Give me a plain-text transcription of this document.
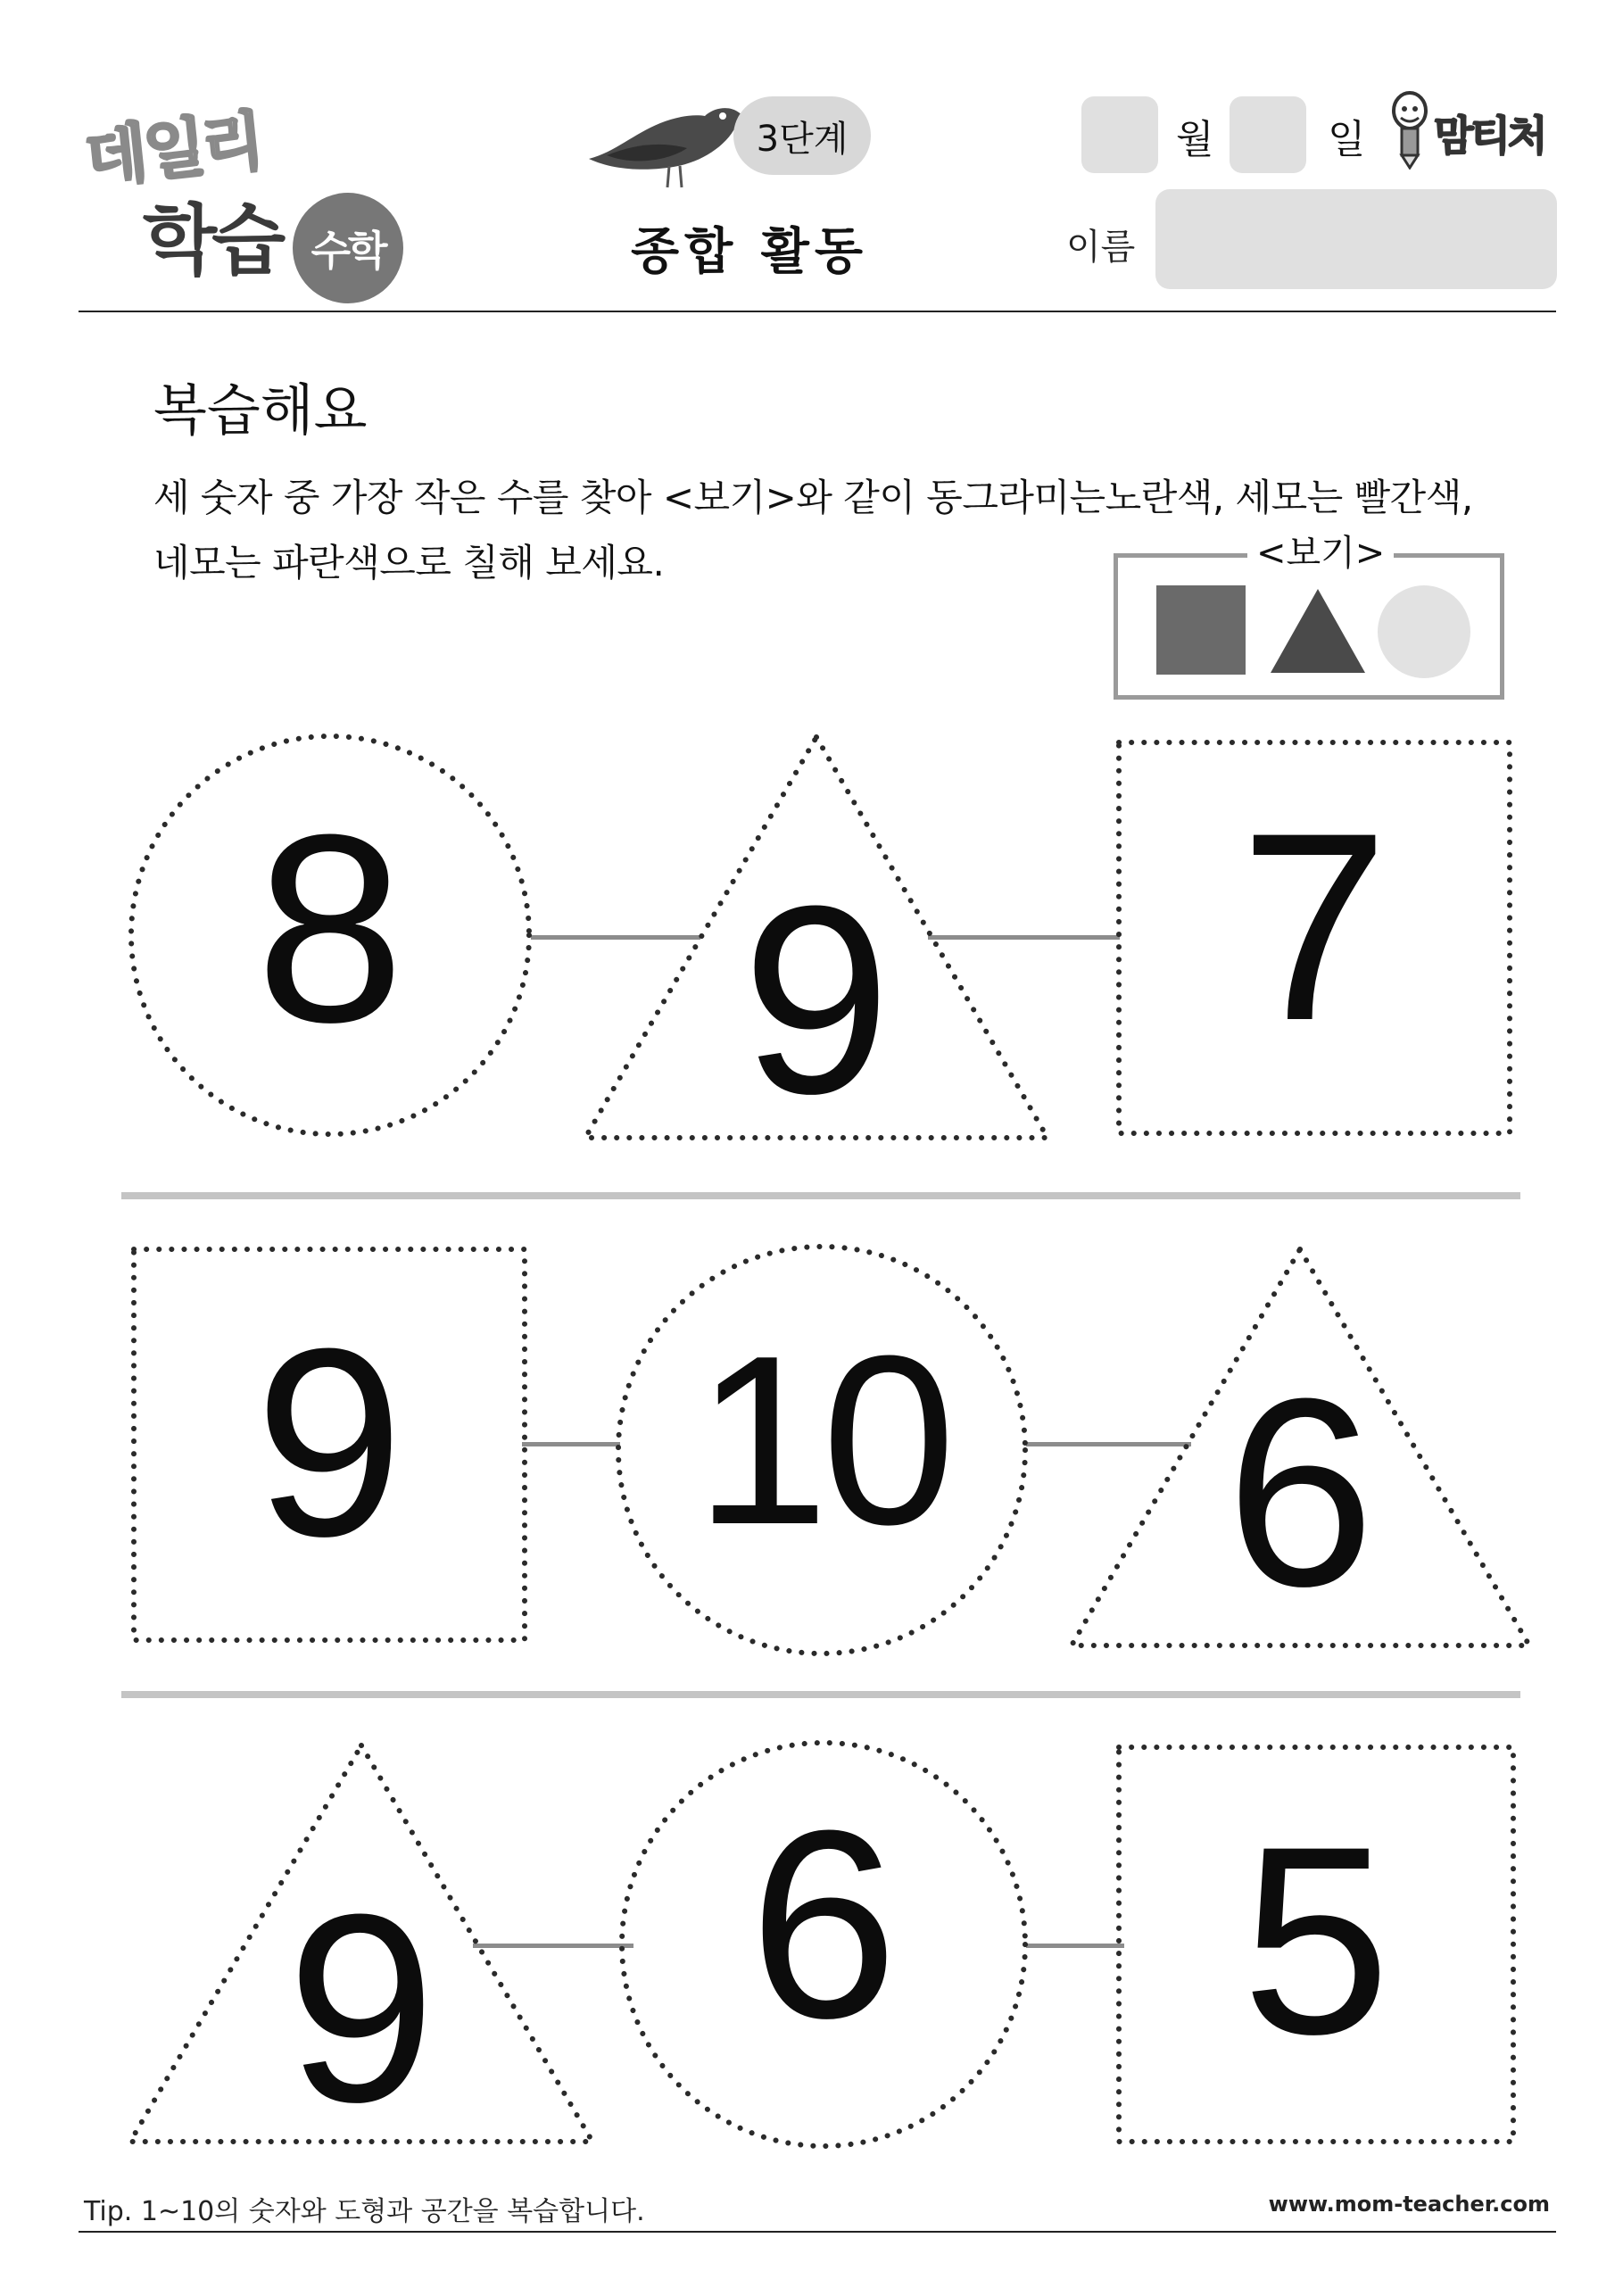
데일리
학습 수학
3단계
종합 활동
월	일 맘티처
이름
복습해요
세 숫자 중 가장 작은 수를 찾아 <보기>와 같이 동그라미는노란색, 세모는 빨간색,
네모는 파란색으로 칠해 보세요.	<보기>
8	9	7
9	10	6
9	6	5
Tip. 1~10의 숫자와 도형과 공간을 복습합니다.	www.mom-teacher.com
